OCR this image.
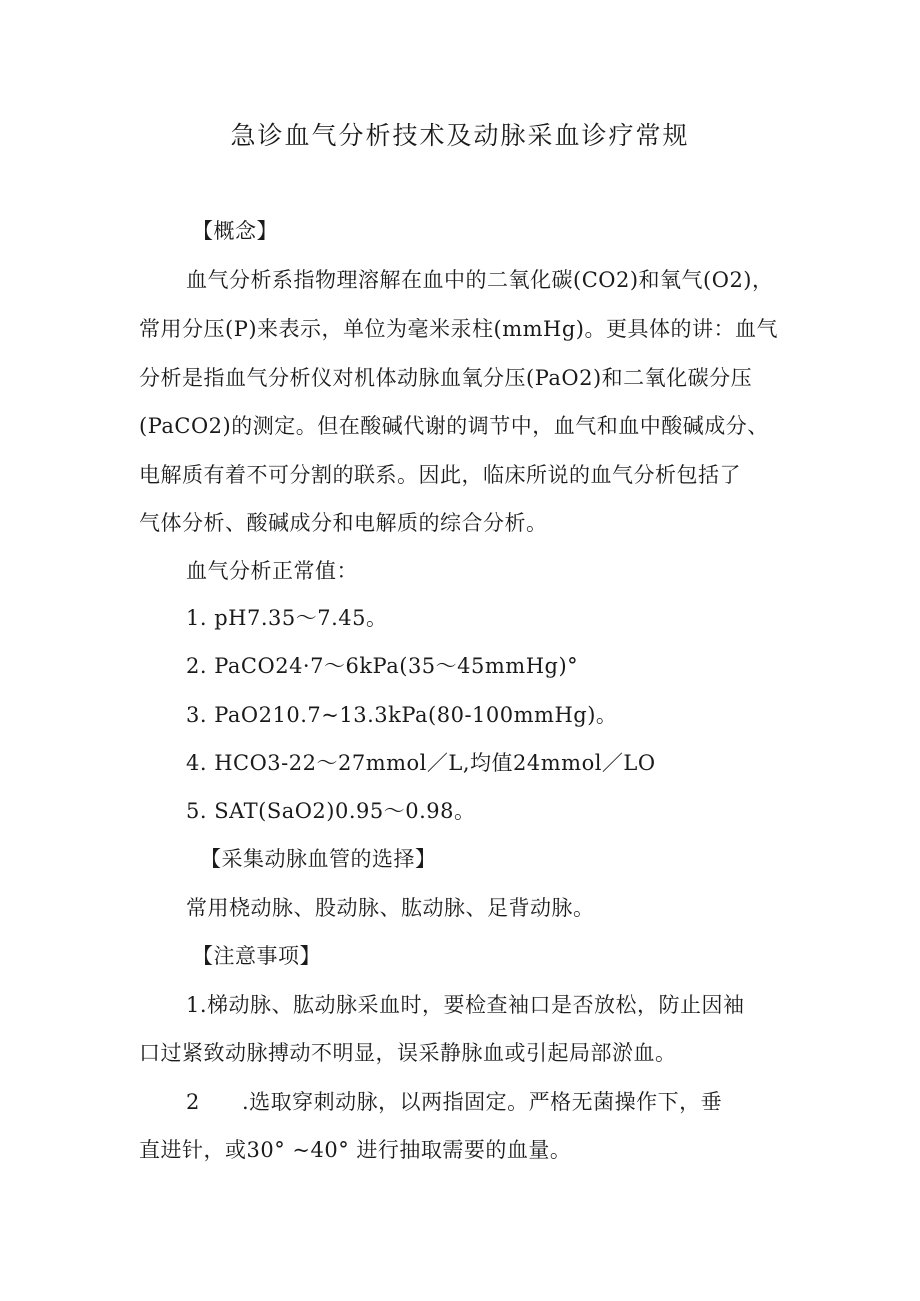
急诊血气分析技术及动脉采血诊疗常规
【概念】
血气分析系指物理溶解在血中的二氧化碳(CO2)和氧气(O2)，
常用分压(P)来表示，单位为毫米汞柱(mmHg)。更具体的讲：血气
分析是指血气分析仪对机体动脉血氧分压(PaO2)和二氧化碳分压
(PaCO2)的测定。但在酸碱代谢的调节中，血气和血中酸碱成分、
电解质有着不可分割的联系。因此，临床所说的血气分析包括了
气体分析、酸碱成分和电解质的综合分析。
血气分析正常值：
1. pH7.35～7.45。
2. PaCO24·7～6kPa(35～45mmHg)°
3. PaO210.7~13.3kPa(80-100mmHg)。
4. HCO3-22～27mmol／L,均值24mmol／LO
5. SAT(SaO2)0.95～0.98。
【采集动脉血管的选择】
常用桡动脉、股动脉、肱动脉、足背动脉。
【注意事项】
1.梯动脉、肱动脉采血时，要检查袖口是否放松，防止因袖
口过紧致动脉搏动不明显，误采静脉血或引起局部淤血。
2 .选取穿刺动脉，以两指固定。严格无菌操作下，垂
直进针，或30° ~40° 进行抽取需要的血量。
